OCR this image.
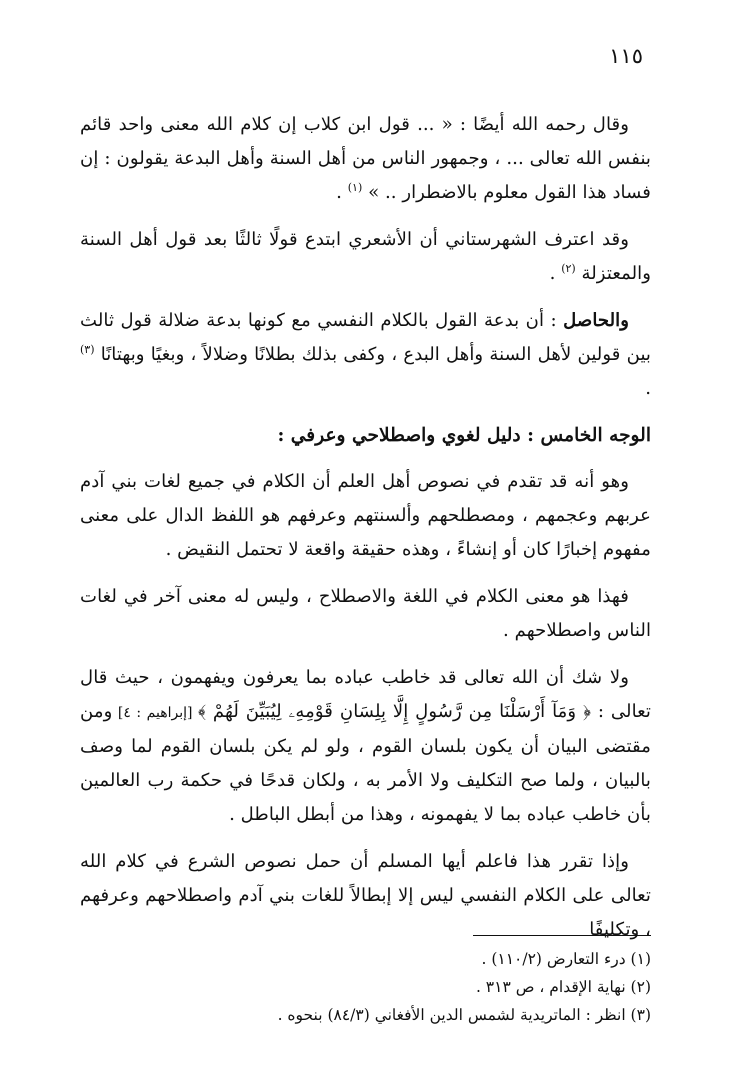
١١٥

وقال رحمه الله أيضًا : « ... قول ابن كلاب إن كلام الله معنى واحد قائم بنفس الله تعالى ... ، وجمهور الناس من أهل السنة وأهل البدعة يقولون : إن فساد هذا القول معلوم بالاضطرار .. » $^{(١)}$ .

وقد اعترف الشهرستاني أن الأشعري ابتدع قولًا ثالثًا بعد قول أهل السنة والمعتزلة $^{(٢)}$ .

والحاصل : أن بدعة القول بالكلام النفسي مع كونها بدعة ضلالة قول ثالث بين قولين لأهل السنة وأهل البدع ، وكفى بذلك بطلانًا وضلالاً ، وبغيًا وبهتانًا $^{(٣)}$ .

الوجه الخامس : دليل لغوي واصطلاحي وعرفي :

وهو أنه قد تقدم في نصوص أهل العلم أن الكلام في جميع لغات بني آدم عربهم وعجمهم ، ومصطلحهم وألسنتهم وعرفهم هو اللفظ الدال على معنى مفهوم إخبارًا كان أو إنشاءً ، وهذه حقيقة واقعة لا تحتمل النقيض .

فهذا هو معنى الكلام في اللغة والاصطلاح ، وليس له معنى آخر في لغات الناس واصطلاحهم .

ولا شك أن الله تعالى قد خاطب عباده بما يعرفون ويفهمون ، حيث قال تعالى : ﴿ وَمَآ أَرْسَلْنَا مِن رَّسُولٍ إِلَّا بِلِسَانِ قَوْمِهِۦ لِيُبَيِّنَ لَهُمْ ﴾ [إبراهيم : ٤] ومن مقتضى البيان أن يكون بلسان القوم ، ولو لم يكن بلسان القوم لما وصف بالبيان ، ولما صح التكليف ولا الأمر به ، ولكان قدحًا في حكمة رب العالمين بأن خاطب عباده بما لا يفهمونه ، وهذا من أبطل الباطل .

وإذا تقرر هذا فاعلم أيها المسلم أن حمل نصوص الشرع في كلام الله تعالى على الكلام النفسي ليس إلا إبطالاً للغات بني آدم واصطلاحهم وعرفهم ، وتكليفًا

(١) درء التعارض (١١٠/٢) .

(٢) نهاية الإقدام ، ص ٣١٣ .

(٣) انظر : الماتريدية لشمس الدين الأفغاني (٨٤/٣) بنحوه .
